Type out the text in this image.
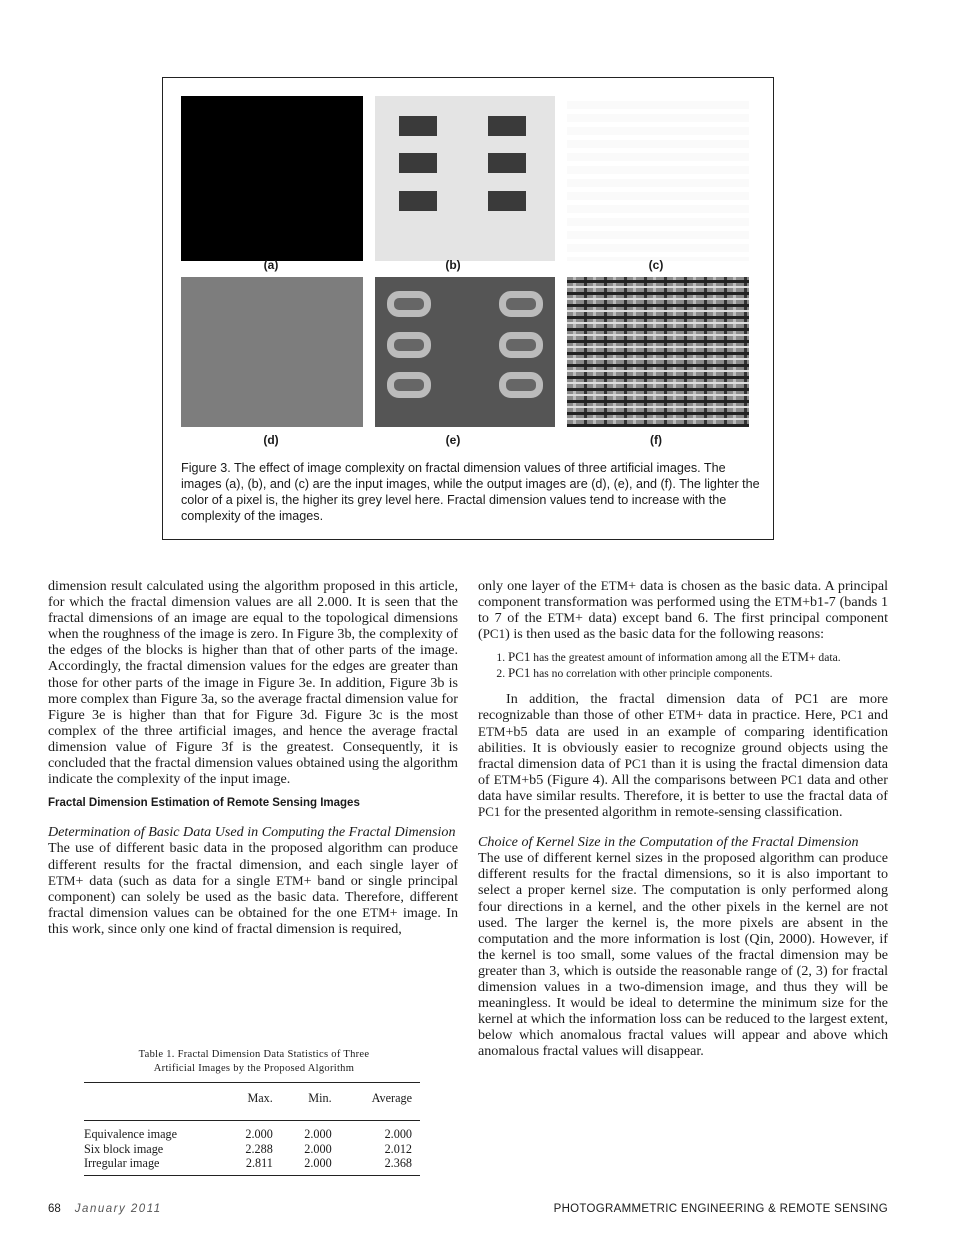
(a)	(b)	(c)
(d)	(e)	(f)
Figure 3. The effect of image complexity on fractal dimension values of three artificial images. The images (a), (b), and (c) are the input images, while the output images are (d), (e), and (f). The lighter the color of a pixel is, the higher its grey level here. Fractal dimension values tend to increase with the complexity of the images.

dimension result calculated using the algorithm proposed in this article, for which the fractal dimension values are all 2.000. It is seen that the fractal dimensions of an image are equal to the topological dimensions when the roughness of the image is zero. In Figure 3b, the complexity of the edges of the blocks is higher than that of other parts of the image. Accordingly, the fractal dimension values for the edges are greater than those for other parts of the image in Figure 3e. In addition, Figure 3b is more complex than Figure 3a, so the average fractal dimension value for Figure 3e is higher than that for Figure 3d. Figure 3c is the most complex of the three artificial images, and hence the average fractal dimension value of Figure 3f is the greatest. Consequently, it is concluded that the fractal dimension values obtained using the algorithm indicate the complexity of the input image.

Fractal Dimension Estimation of Remote Sensing Images

Determination of Basic Data Used in Computing the Fractal Dimension

The use of different basic data in the proposed algorithm can produce different results for the fractal dimension, and each single layer of ETM+ data (such as data for a single ETM+ band or single principal component) can solely be used as the basic data. Therefore, different fractal dimension values can be obtained for the one ETM+ image. In this work, since only one kind of fractal dimension is required,

Table 1. Fractal Dimension Data Statistics of Three
Artificial Images by the Proposed Algorithm
	Max.	Min.	Average
Equivalence image	2.000	2.000	2.000
Six block image	2.288	2.000	2.012
Irregular image	2.811	2.000	2.368

only one layer of the ETM+ data is chosen as the basic data. A principal component transformation was performed using the ETM+b1-7 (bands 1 to 7 of the ETM+ data) except band 6. The first principal component (PC1) is then used as the basic data for the following reasons:

1. PC1 has the greatest amount of information among all the ETM+ data.
2. PC1 has no correlation with other principle components.

In addition, the fractal dimension data of PC1 are more recognizable than those of other ETM+ data in practice. Here, PC1 and ETM+b5 data are used in an example of comparing identification abilities. It is obviously easier to recognize ground objects using the fractal dimension data of PC1 than it is using the fractal dimension data of ETM+b5 (Figure 4). All the comparisons between PC1 data and other data have similar results. Therefore, it is better to use the fractal data of PC1 for the presented algorithm in remote-sensing classification.

Choice of Kernel Size in the Computation of the Fractal Dimension

The use of different kernel sizes in the proposed algorithm can produce different results for the fractal dimensions, so it is also important to select a proper kernel size. The computation is only performed along four directions in a kernel, and the other pixels in the kernel are not used. The larger the kernel is, the more pixels are absent in the computation and the more information is lost (Qin, 2000). However, if the kernel is too small, some values of the fractal dimension may be greater than 3, which is outside the reasonable range of (2, 3) for fractal dimension values in a two-dimension image, and thus they will be meaningless. It would be ideal to determine the minimum size for the kernel at which the information loss can be reduced to the largest extent, below which anomalous fractal values will appear and above which anomalous fractal values will disappear.

68 January 2011	PHOTOGRAMMETRIC ENGINEERING & REMOTE SENSING
